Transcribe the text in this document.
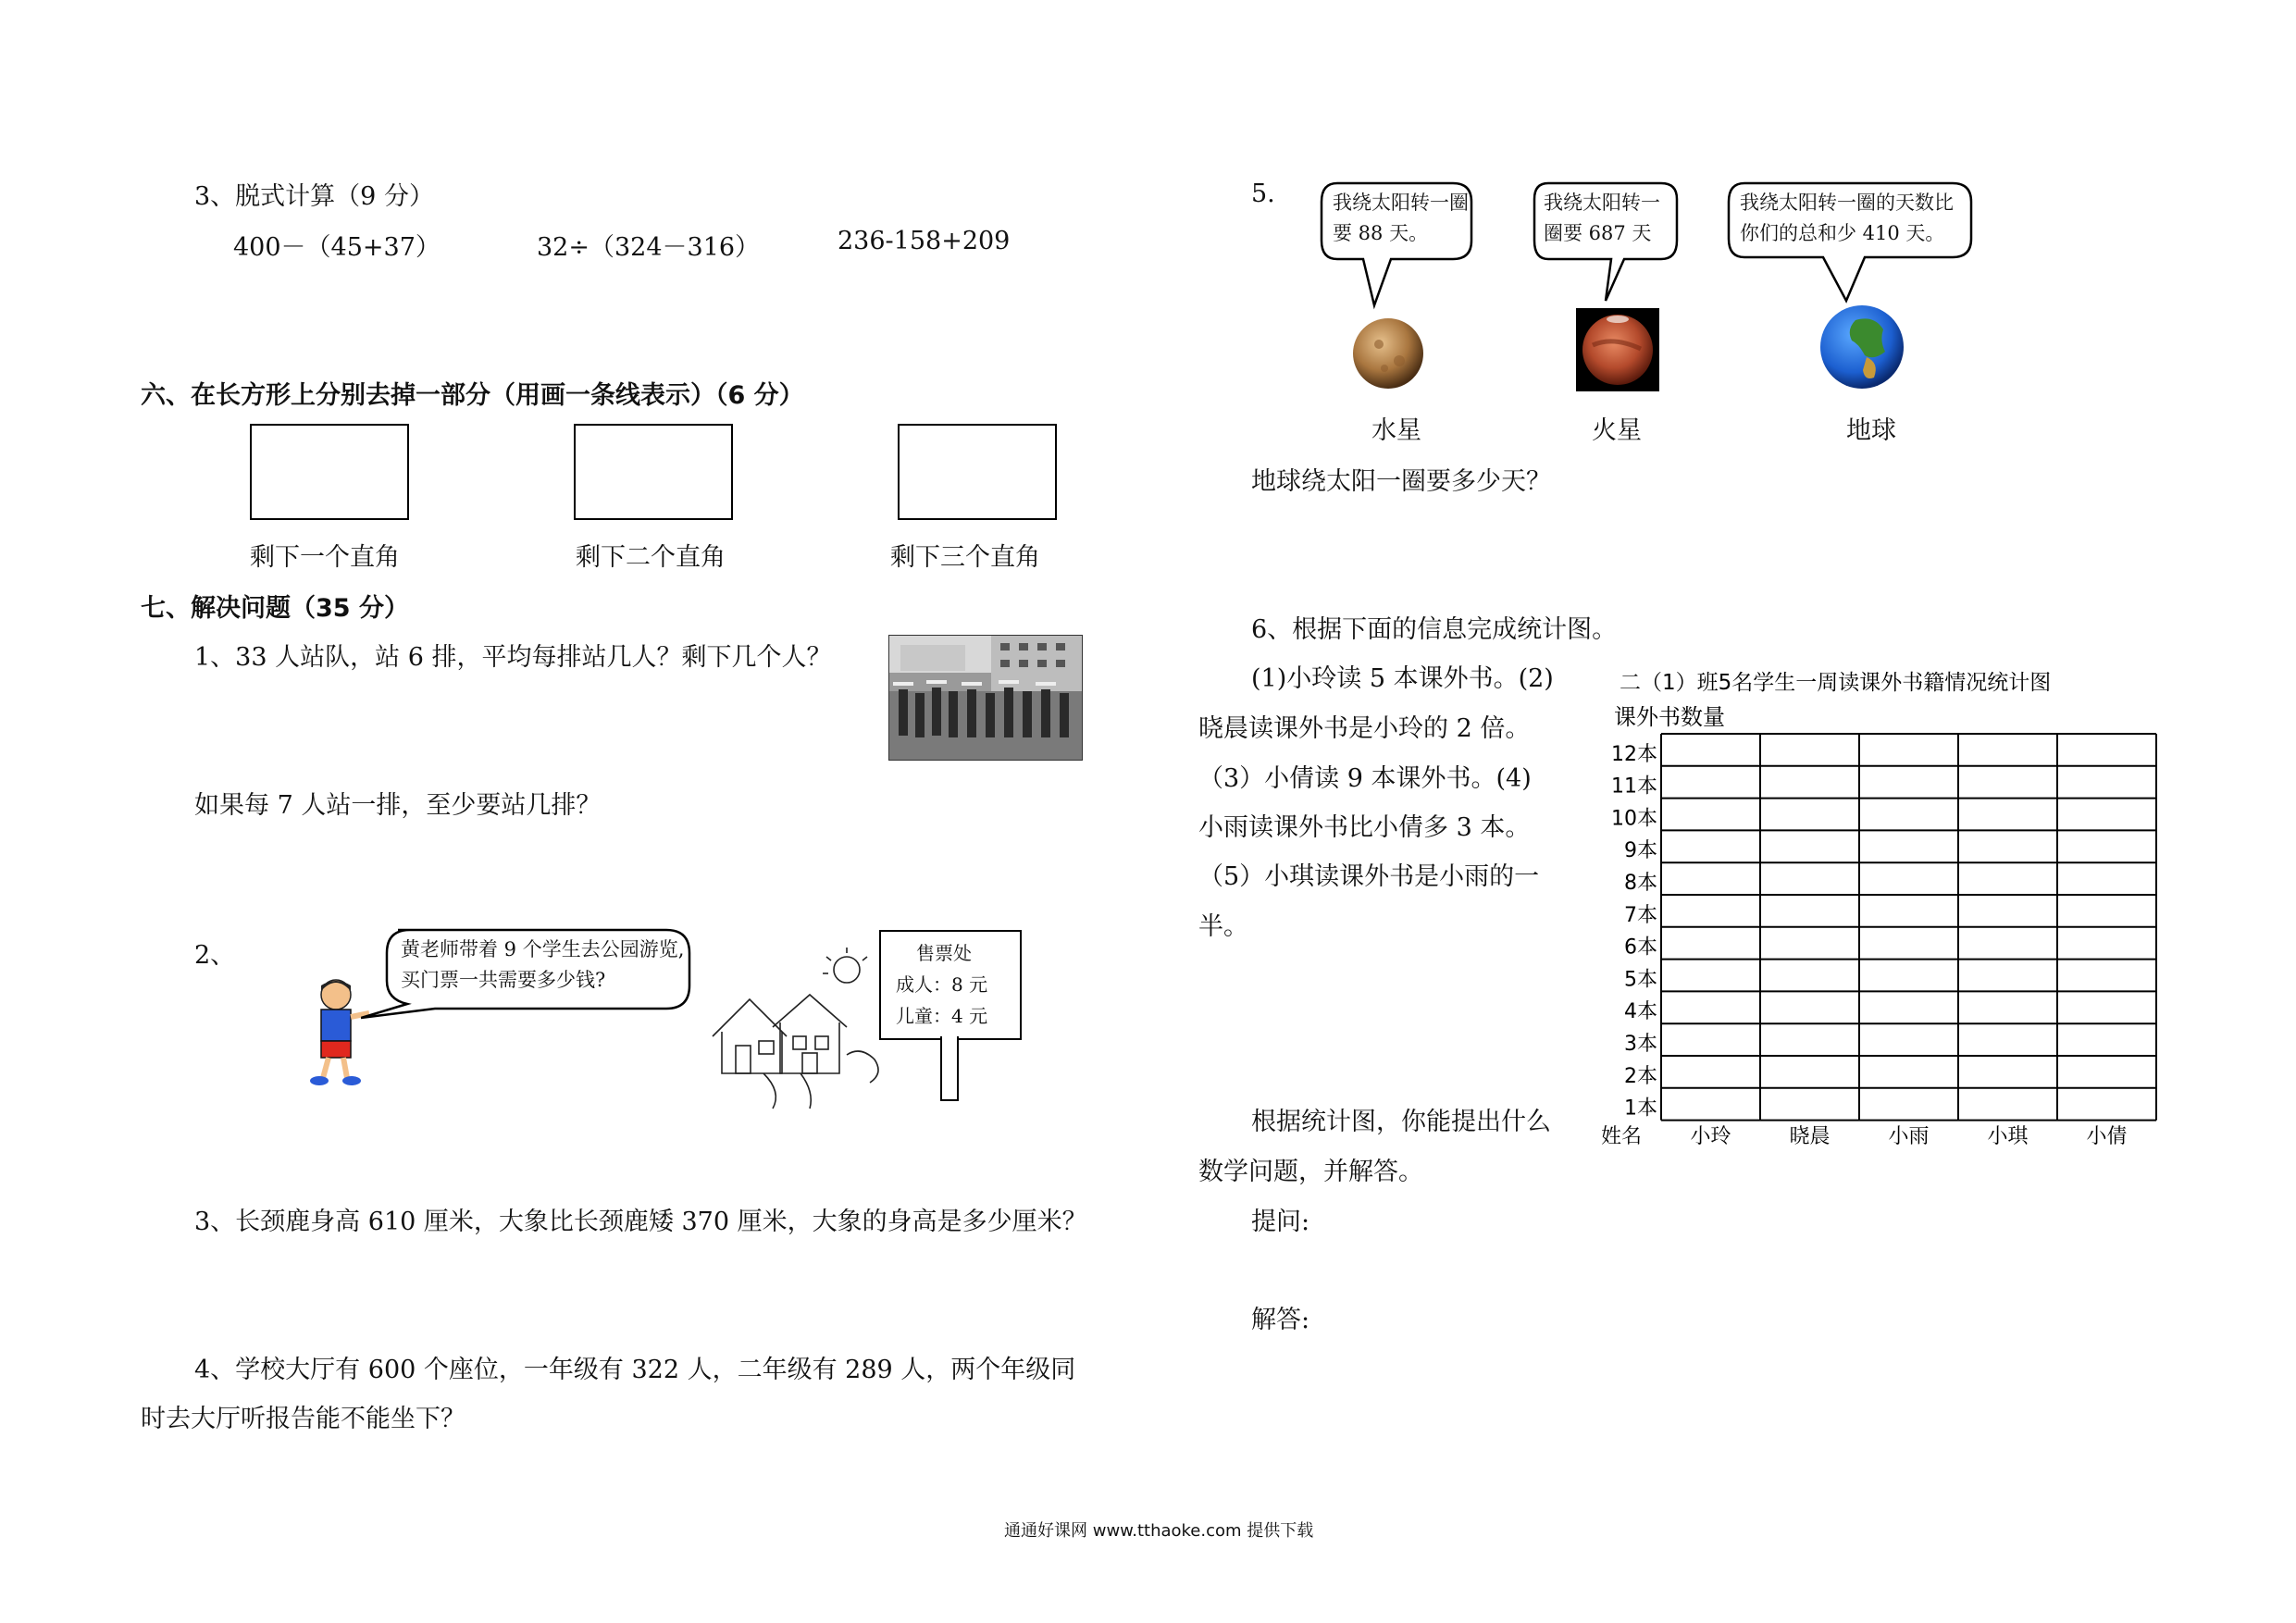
3、脱式计算（9 分）
400－（45+37）	32÷（324－316）	236-158+209
六、在长方形上分别去掉一部分（用画一条线表示）（6 分）
剩下一个直角	剩下二个直角	剩下三个直角
七、解决问题（35 分）
1、33 人站队，站 6 排，平均每排站几人？剩下几个人？
如果每 7 人站一排，至少要站几排？
2、	黄老师带着 9 个学生去公园游览,买门票一共需要多少钱?
售票处
成人：8 元
儿童：4 元
3、长颈鹿身高 610 厘米，大象比长颈鹿矮 370 厘米，大象的身高是多少厘米？
4、学校大厅有 600 个座位，一年级有 322 人，二年级有 289 人，两个年级同
时去大厅听报告能不能坐下？
5.	我绕太阳转一圈要 88 天。
我绕太阳转一圈要 687 天
我绕太阳转一圈的天数比你们的总和少 410 天。
水星	火星	地球
地球绕太阳一圈要多少天？
6、根据下面的信息完成统计图。
(1)小玲读 5 本课外书。(2)
晓晨读课外书是小玲的 2 倍。
（3）小倩读 9 本课外书。(4)
小雨读课外书比小倩多 3 本。
（5）小琪读课外书是小雨的一
半。
二（1）班5名学生一周读课外书籍情况统计图
课外书数量
12本
11本
10本
9本
8本
7本
6本
5本
4本
3本
2本
1本
小玲	晓晨	小雨	小琪	小倩
姓名
根据统计图，你能提出什么
数学问题，并解答。
提问:
解答:
通通好课网 www.tthaoke.com 提供下载
